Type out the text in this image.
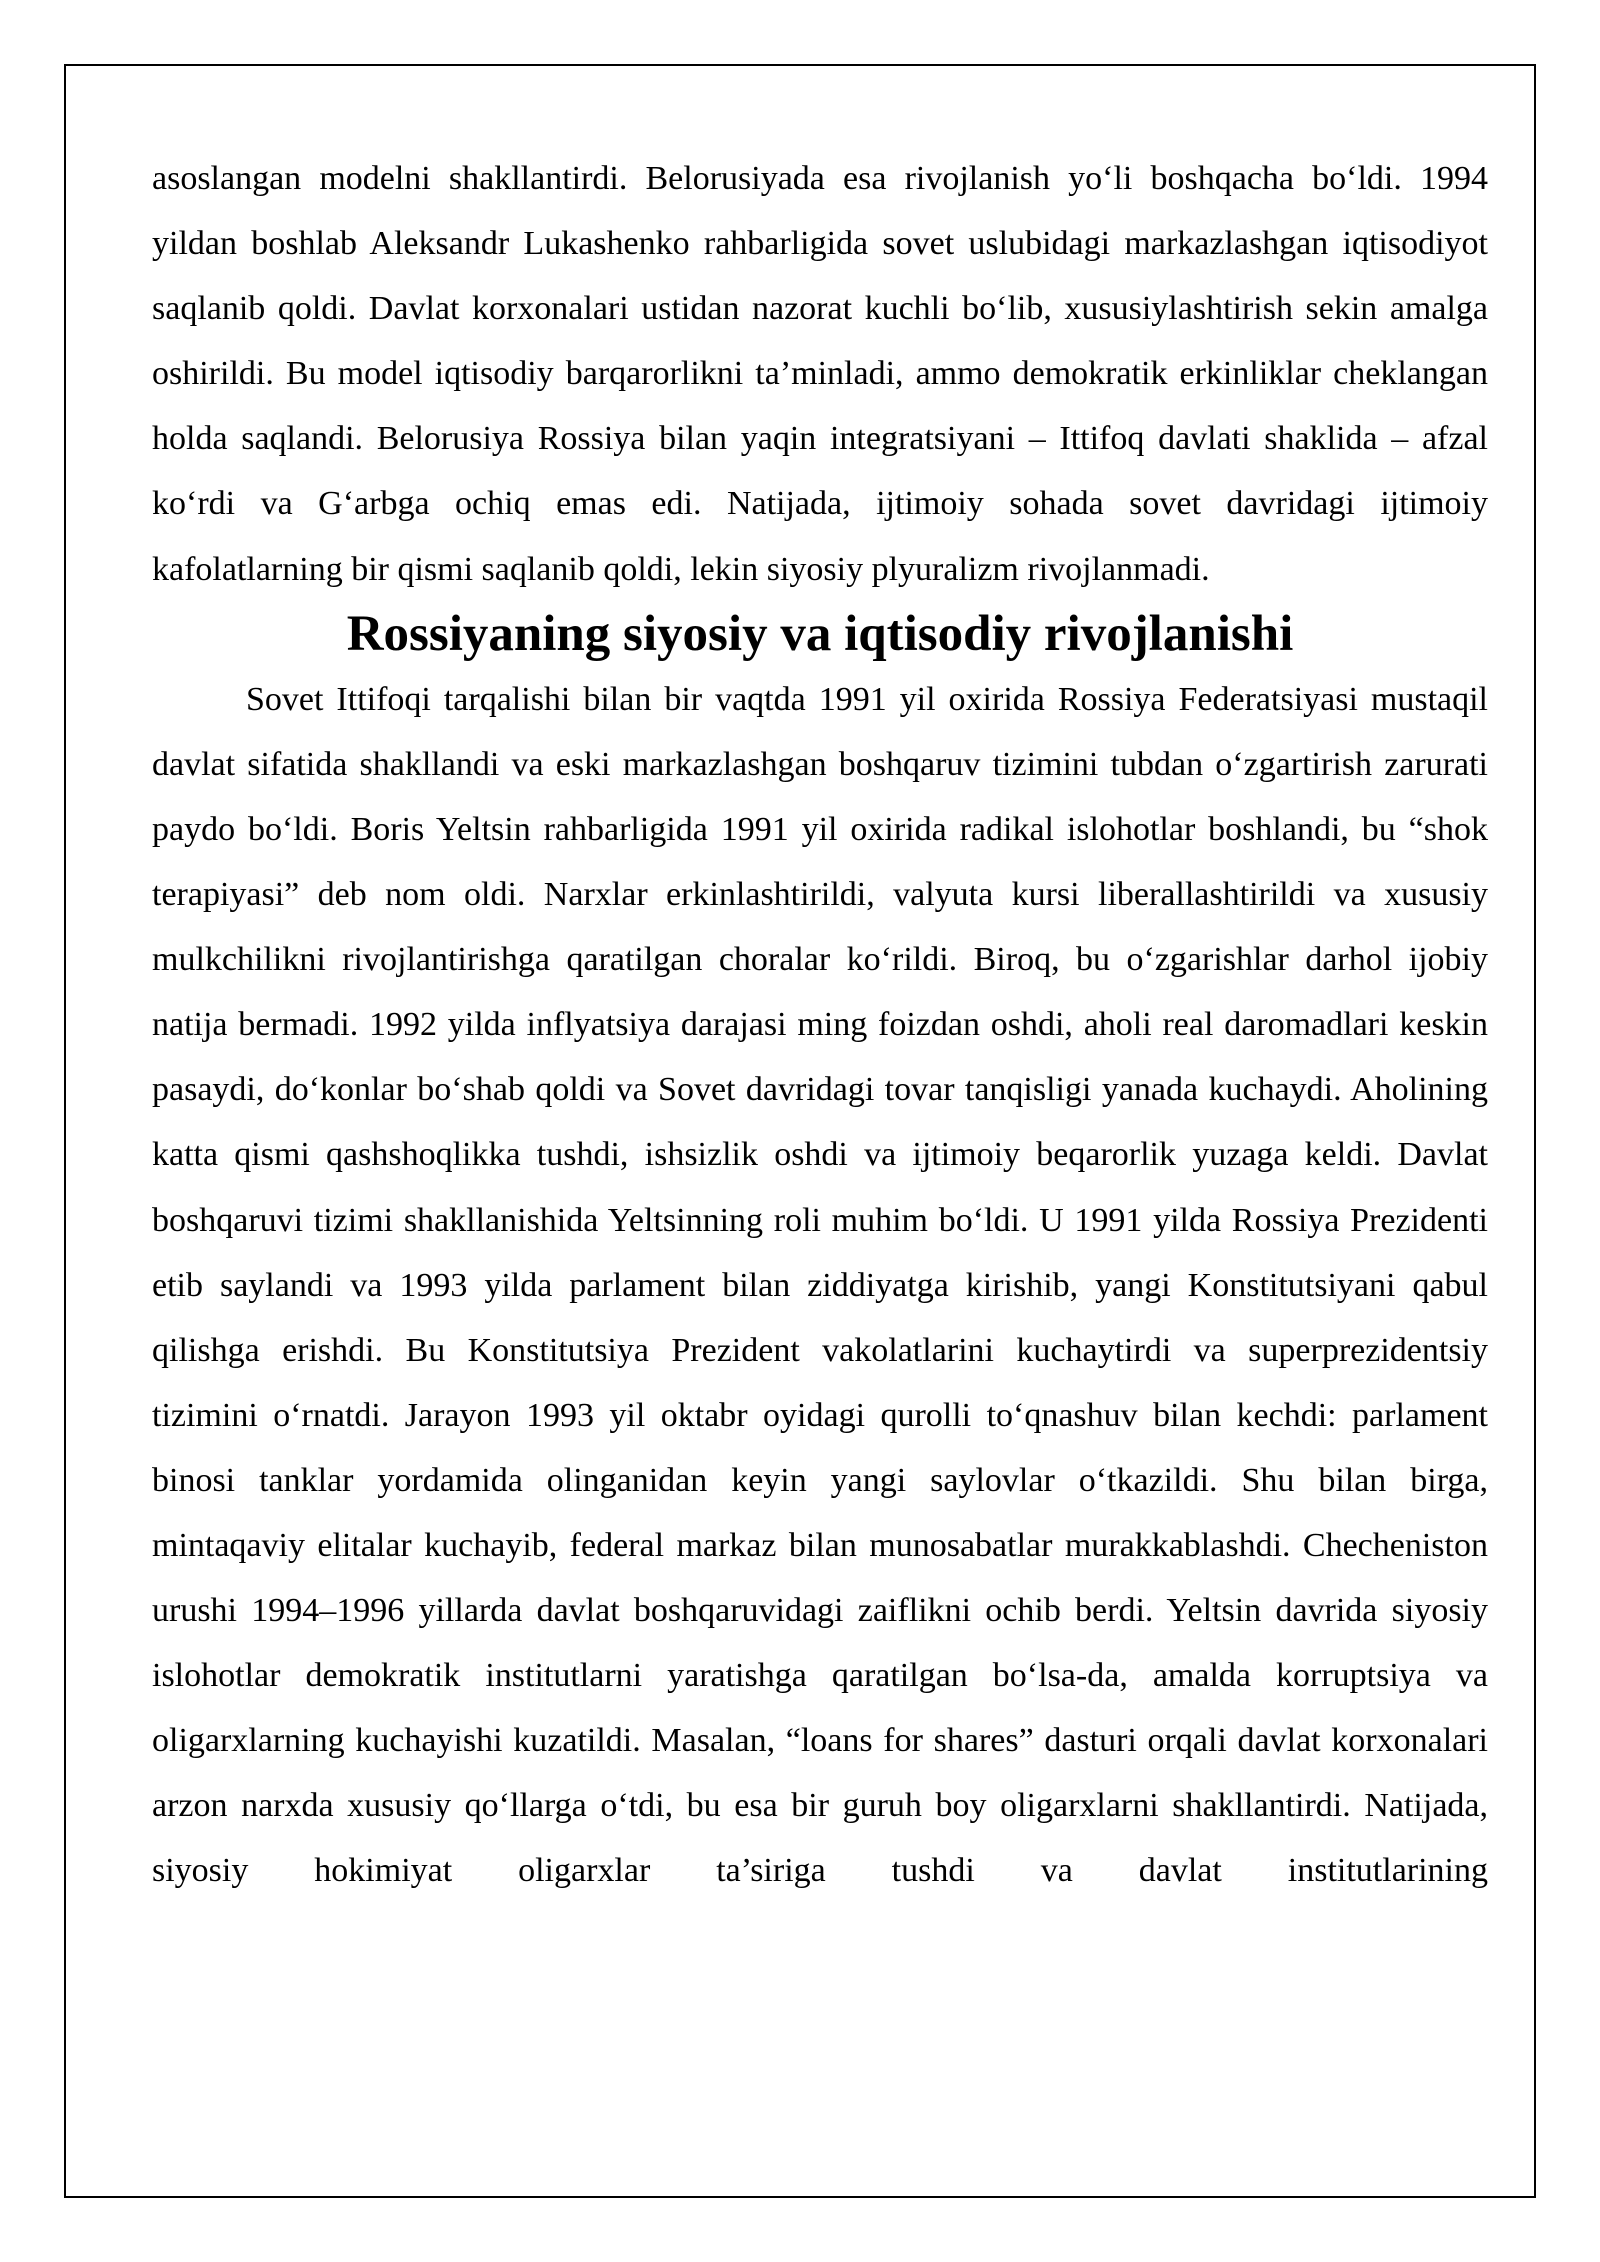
asoslangan modelni shakllantirdi. Belorusiyada esa rivojlanish yo‘li boshqacha bo‘ldi. 1994 yildan boshlab Aleksandr Lukashenko rahbarligida sovet uslubidagi markazlashgan iqtisodiyot saqlanib qoldi. Davlat korxonalari ustidan nazorat kuchli bo‘lib, xususiylashtirish sekin amalga oshirildi. Bu model iqtisodiy barqarorlikni ta’minladi, ammo demokratik erkinliklar cheklangan holda saqlandi. Belorusiya Rossiya bilan yaqin integratsiyani – Ittifoq davlati shaklida – afzal ko‘rdi va G‘arbga ochiq emas edi. Natijada, ijtimoiy sohada sovet davridagi ijtimoiy kafolatlarning bir qismi saqlanib qoldi, lekin siyosiy plyuralizm rivojlanmadi.

Rossiyaning siyosiy va iqtisodiy rivojlanishi

Sovet Ittifoqi tarqalishi bilan bir vaqtda 1991 yil oxirida Rossiya Federatsiyasi mustaqil davlat sifatida shakllandi va eski markazlashgan boshqaruv tizimini tubdan o‘zgartirish zarurati paydo bo‘ldi. Boris Yeltsin rahbarligida 1991 yil oxirida radikal islohotlar boshlandi, bu “shok terapiyasi” deb nom oldi. Narxlar erkinlashtirildi, valyuta kursi liberallashtirildi va xususiy mulkchilikni rivojlantirishga qaratilgan choralar ko‘rildi. Biroq, bu o‘zgarishlar darhol ijobiy natija bermadi. 1992 yilda inflyatsiya darajasi ming foizdan oshdi, aholi real daromadlari keskin pasaydi, do‘konlar bo‘shab qoldi va Sovet davridagi tovar tanqisligi yanada kuchaydi. Aholining katta qismi qashshoqlikka tushdi, ishsizlik oshdi va ijtimoiy beqarorlik yuzaga keldi. Davlat boshqaruvi tizimi shakllanishida Yeltsinning roli muhim bo‘ldi. U 1991 yilda Rossiya Prezidenti etib saylandi va 1993 yilda parlament bilan ziddiyatga kirishib, yangi Konstitutsiyani qabul qilishga erishdi. Bu Konstitutsiya Prezident vakolatlarini kuchaytirdi va superprezidentsiy tizimini o‘rnatdi. Jarayon 1993 yil oktabr oyidagi qurolli to‘qnashuv bilan kechdi: parlament binosi tanklar yordamida olinganidan keyin yangi saylovlar o‘tkazildi. Shu bilan birga, mintaqaviy elitalar kuchayib, federal markaz bilan munosabatlar murakkablashdi. Checheniston urushi 1994–1996 yillarda davlat boshqaruvidagi zaiflikni ochib berdi. Yeltsin davrida siyosiy islohotlar demokratik institutlarni yaratishga qaratilgan bo‘lsa-da, amalda korruptsiya va oligarxlarning kuchayishi kuzatildi. Masalan, “loans for shares” dasturi orqali davlat korxonalari arzon narxda xususiy qo‘llarga o‘tdi, bu esa bir guruh boy oligarxlarni shakllantirdi. Natijada, siyosiy hokimiyat oligarxlar ta’siriga tushdi va davlat institutlarining
